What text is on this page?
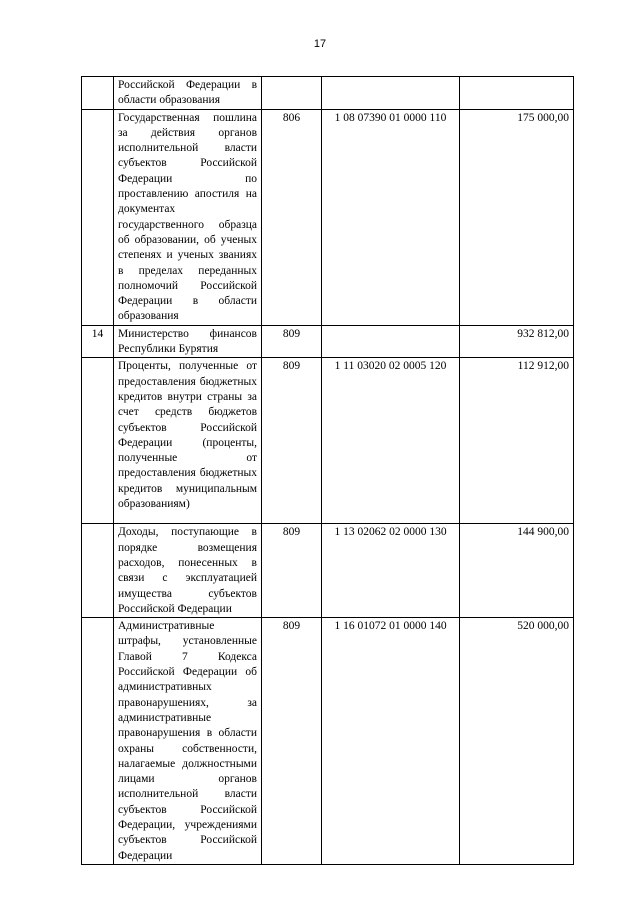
17
	Российской Федерации в области образования			
	Государственная пошлина за действия органов исполнительной власти субъектов Российской Федерации по проставлению апостиля на документах государственного образца об образовании, об ученых степенях и ученых званиях в пределах переданных полномочий Российской Федерации в области образования	806	1 08 07390 01 0000 110	175 000,00
14	Министерство финансов Республики Бурятия	809		932 812,00
	Проценты, полученные от предоставления бюджетных кредитов внутри страны за счет средств бюджетов субъектов Российской Федерации (проценты, полученные от предоставления бюджетных кредитов муниципальным образованиям)	809	1 11 03020 02 0005 120	112 912,00
	Доходы, поступающие в порядке возмещения расходов, понесенных в связи с эксплуатацией имущества субъектов Российской Федерации	809	1 13 02062 02 0000 130	144 900,00
	Административные штрафы, установленные Главой 7 Кодекса Российской Федерации об административных правонарушениях, за административные правонарушения в области охраны собственности, налагаемые должностными лицами органов исполнительной власти субъектов Российской Федерации, учреждениями субъектов Российской Федерации	809	1 16 01072 01 0000 140	520 000,00
